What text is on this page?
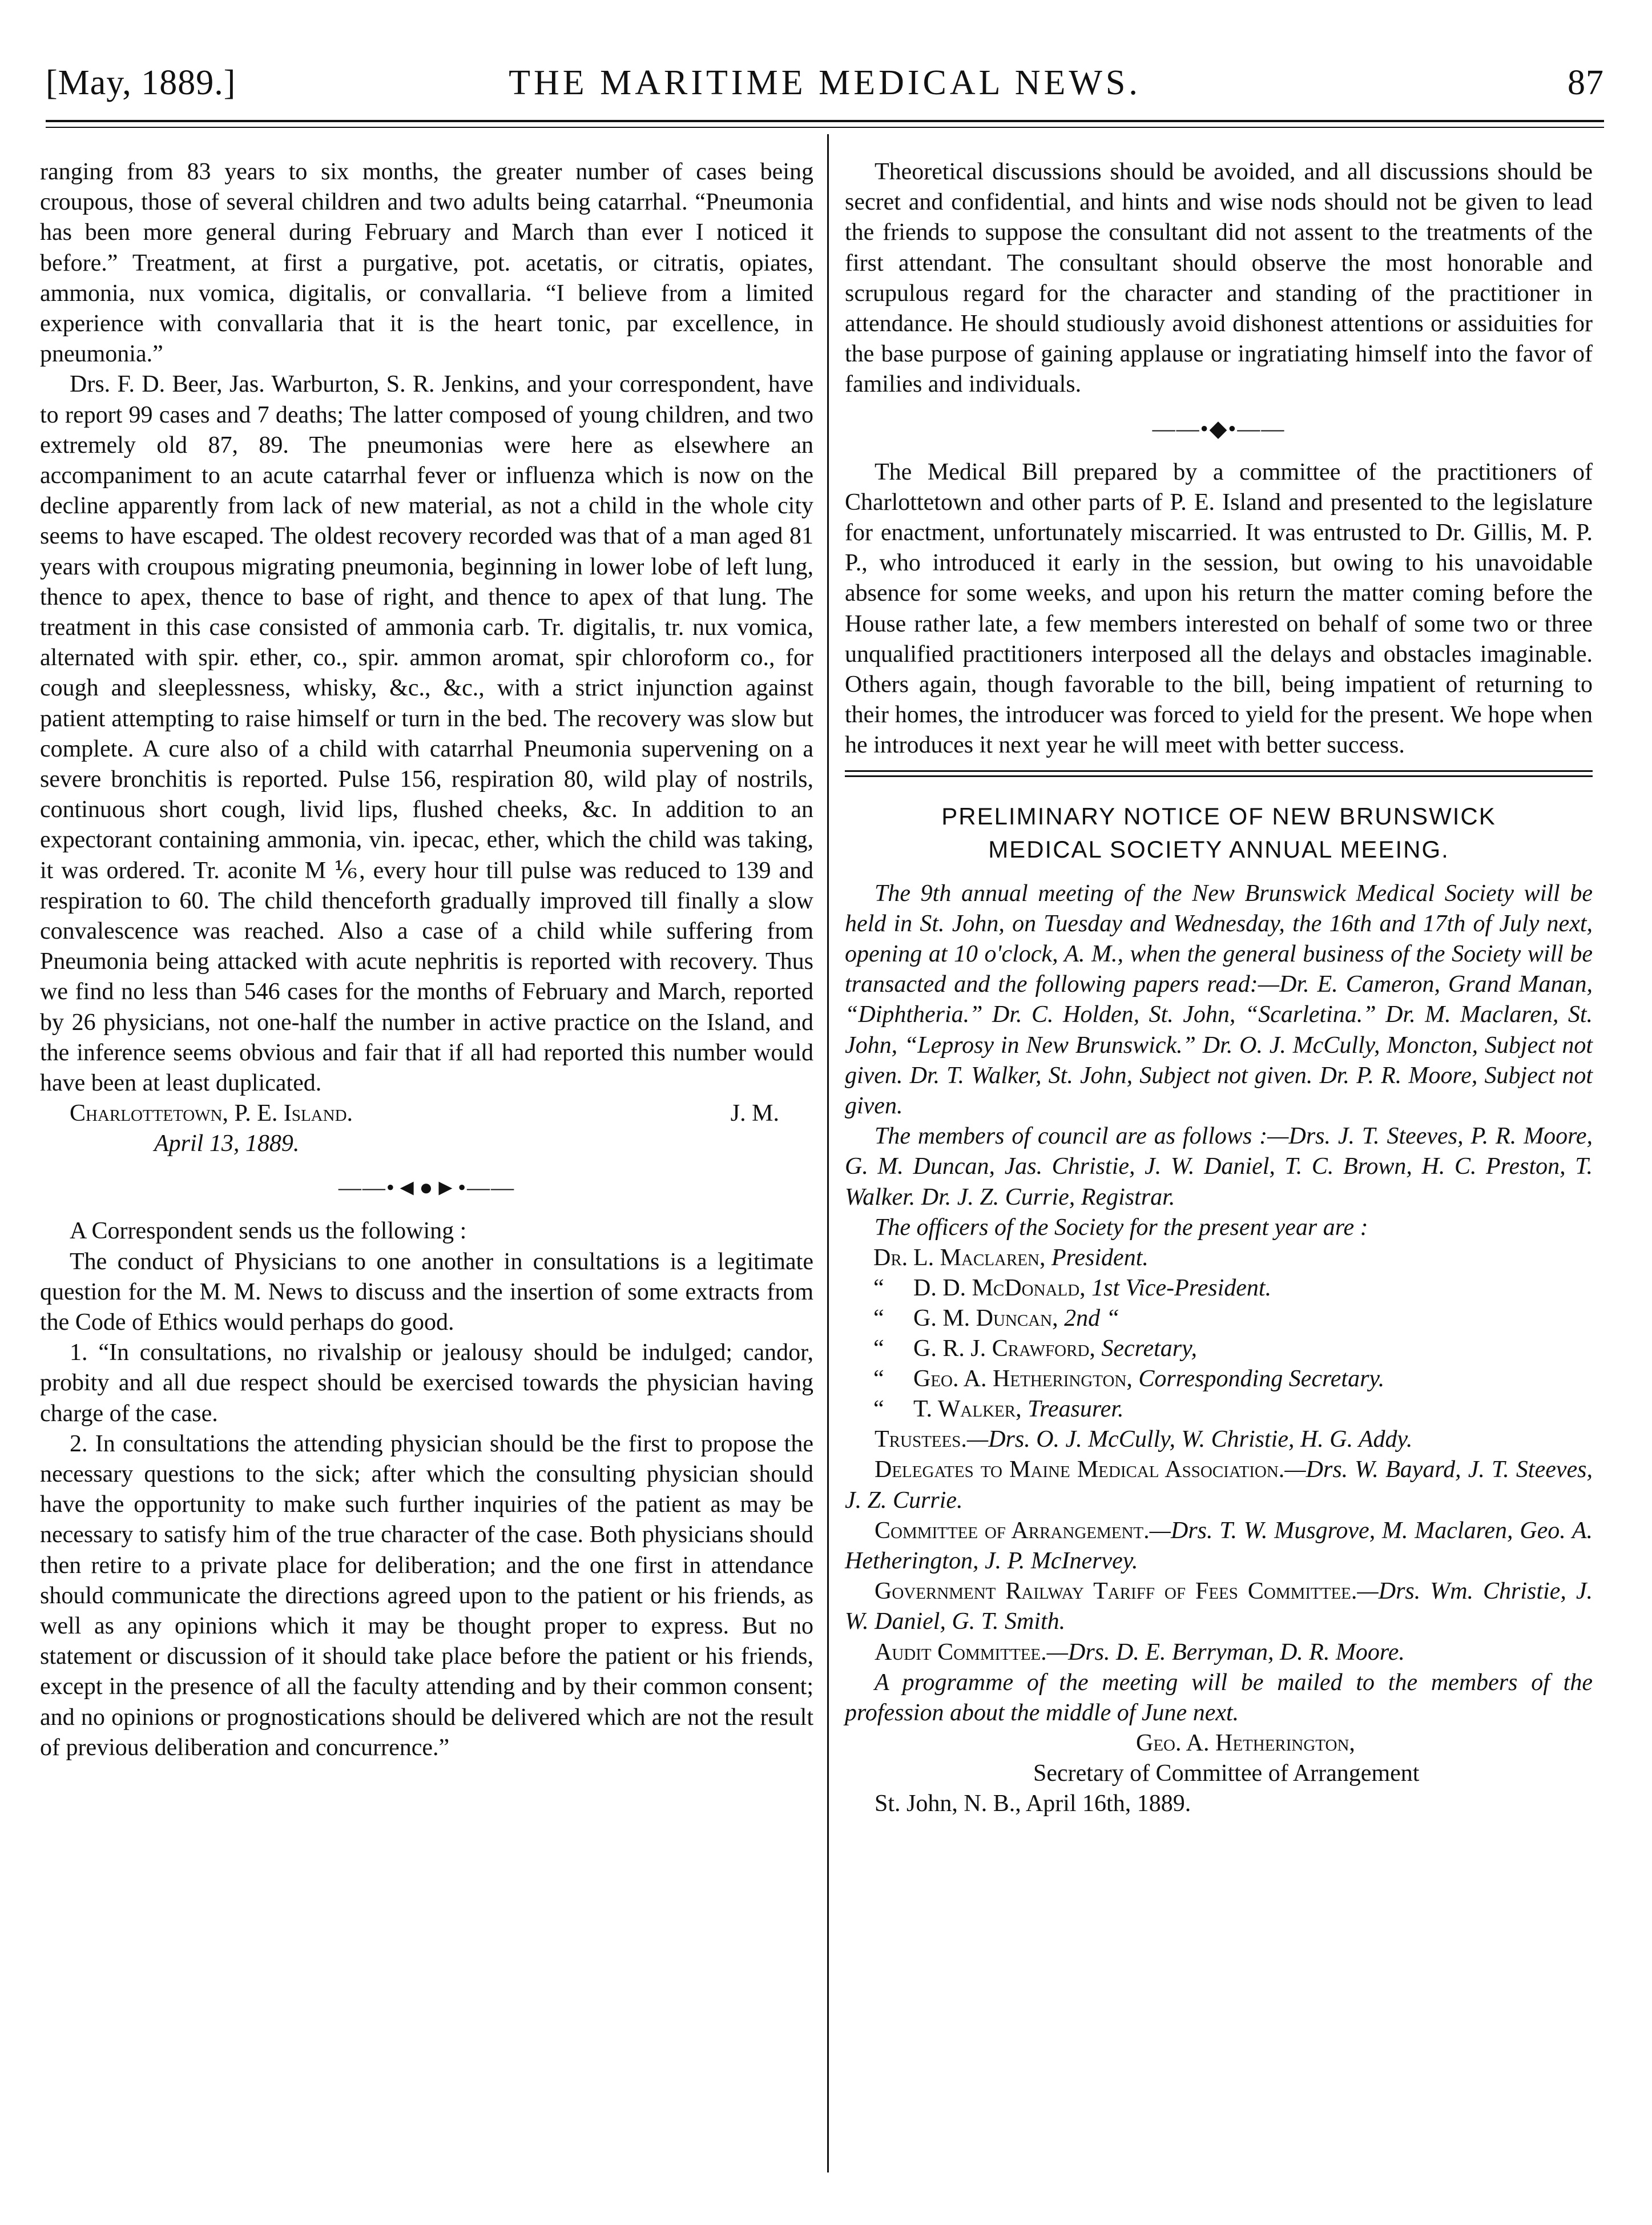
[May, 1889.]	THE MARITIME MEDICAL NEWS.	87

ranging from 83 years to six months, the greater number of cases being croupous, those of several children and two adults being catarrhal. “Pneumonia has been more general during February and March than ever I noticed it before.” Treatment, at first a purgative, pot. acetatis, or citratis, opiates, ammonia, nux vomica, digitalis, or convallaria. “I believe from a limited experience with convallaria that it is the heart tonic, par excellence, in pneumonia.”

Drs. F. D. Beer, Jas. Warburton, S. R. Jenkins, and your correspondent, have to report 99 cases and 7 deaths; The latter composed of young children, and two extremely old 87, 89. The pneumonias were here as elsewhere an accompaniment to an acute catarrhal fever or influenza which is now on the decline apparently from lack of new material, as not a child in the whole city seems to have escaped. The oldest recovery recorded was that of a man aged 81 years with croupous migrating pneumonia, beginning in lower lobe of left lung, thence to apex, thence to base of right, and thence to apex of that lung. The treatment in this case consisted of ammonia carb. Tr. digitalis, tr. nux vomica, alternated with spir. ether, co., spir. ammon aromat, spir chloroform co., for cough and sleeplessness, whisky, &c., &c., with a strict injunction against patient attempting to raise himself or turn in the bed. The recovery was slow but complete. A cure also of a child with catarrhal Pneumonia supervening on a severe bronchitis is reported. Pulse 156, respiration 80, wild play of nostrils, continuous short cough, livid lips, flushed cheeks, &c. In addition to an expectorant containing ammonia, vin. ipecac, ether, which the child was taking, it was ordered. Tr. aconite M ⅙, every hour till pulse was reduced to 139 and respiration to 60. The child thenceforth gradually improved till finally a slow convalescence was reached. Also a case of a child while suffering from Pneumonia being attacked with acute nephritis is reported with recovery. Thus we find no less than 546 cases for the months of February and March, reported by 26 physicians, not one-half the number in active practice on the Island, and the inference seems obvious and fair that if all had reported this number would have been at least duplicated.

Charlottetown, P. E. Island.	J. M.
April 13, 1889.
——•◄●►•——

A Correspondent sends us the following :

The conduct of Physicians to one another in consultations is a legitimate question for the M. M. News to discuss and the insertion of some extracts from the Code of Ethics would perhaps do good.

1. “In consultations, no rivalship or jealousy should be indulged; candor, probity and all due respect should be exercised towards the physician having charge of the case.

2. In consultations the attending physician should be the first to propose the necessary questions to the sick; after which the consulting physician should have the opportunity to make such further inquiries of the patient as may be necessary to satisfy him of the true character of the case. Both physicians should then retire to a private place for deliberation; and the one first in attendance should communicate the directions agreed upon to the patient or his friends, as well as any opinions which it may be thought proper to express. But no statement or discussion of it should take place before the patient or his friends, except in the presence of all the faculty attending and by their common consent; and no opinions or prognostications should be delivered which are not the result of previous deliberation and concurrence.”

Theoretical discussions should be avoided, and all discussions should be secret and confidential, and hints and wise nods should not be given to lead the friends to suppose the consultant did not assent to the treatments of the first attendant. The consultant should observe the most honorable and scrupulous regard for the character and standing of the practitioner in attendance. He should studiously avoid dishonest attentions or assiduities for the base purpose of gaining applause or ingratiating himself into the favor of families and individuals.

——•◆•——

The Medical Bill prepared by a committee of the practitioners of Charlottetown and other parts of P. E. Island and presented to the legislature for enactment, unfortunately miscarried. It was entrusted to Dr. Gillis, M. P. P., who introduced it early in the session, but owing to his unavoidable absence for some weeks, and upon his return the matter coming before the House rather late, a few members interested on behalf of some two or three unqualified practitioners interposed all the delays and obstacles imaginable. Others again, though favorable to the bill, being impatient of returning to their homes, the introducer was forced to yield for the present. We hope when he introduces it next year he will meet with better success.

PRELIMINARY NOTICE OF NEW BRUNSWICK
MEDICAL SOCIETY ANNUAL MEEING.

The 9th annual meeting of the New Brunswick Medical Society will be held in St. John, on Tuesday and Wednesday, the 16th and 17th of July next, opening at 10 o'clock, A. M., when the general business of the Society will be transacted and the following papers read:—Dr. E. Cameron, Grand Manan, “Diphtheria.” Dr. C. Holden, St. John, “Scarletina.” Dr. M. Maclaren, St. John, “Leprosy in New Brunswick.” Dr. O. J. McCully, Moncton, Subject not given. Dr. T. Walker, St. John, Subject not given. Dr. P. R. Moore, Subject not given.

The members of council are as follows :—Drs. J. T. Steeves, P. R. Moore, G. M. Duncan, Jas. Christie, J. W. Daniel, T. C. Brown, H. C. Preston, T. Walker. Dr. J. Z. Currie, Registrar.

The officers of the Society for the present year are :

Dr. L. Maclaren, President.
“ D. D. McDonald, 1st Vice-President.
“ G. M. Duncan, 2nd “
“ G. R. J. Crawford, Secretary,
“ Geo. A. Hetherington, Corresponding Secretary.
“ T. Walker, Treasurer.

Trustees.—Drs. O. J. McCully, W. Christie, H. G. Addy.

Delegates to Maine Medical Association.—Drs. W. Bayard, J. T. Steeves, J. Z. Currie.

Committee of Arrangement.—Drs. T. W. Musgrove, M. Maclaren, Geo. A. Hetherington, J. P. McInervey.

Government Railway Tariff of Fees Committee.—Drs. Wm. Christie, J. W. Daniel, G. T. Smith.

Audit Committee.—Drs. D. E. Berryman, D. R. Moore.

A programme of the meeting will be mailed to the members of the profession about the middle of June next.

Geo. A. Hetherington,
Secretary of Committee of Arrangement
St. John, N. B., April 16th, 1889.
